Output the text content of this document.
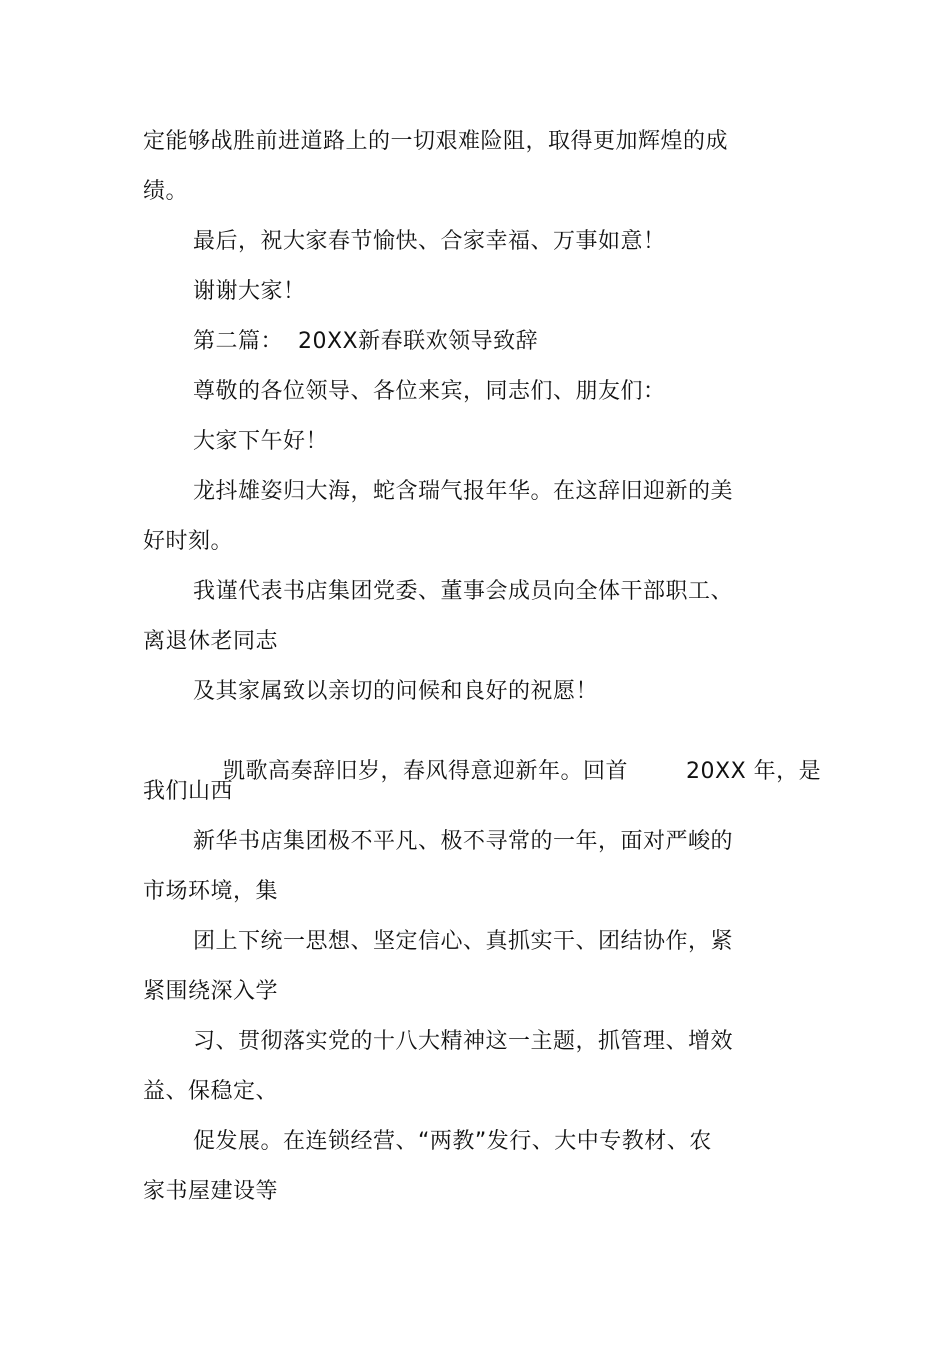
定能够战胜前进道路上的一切艰难险阻，取得更加辉煌的成
绩。
最后，祝大家春节愉快、合家幸福、万事如意！
谢谢大家！
第二篇：  20XX新春联欢领导致辞
尊敬的各位领导、各位来宾，同志们、朋友们：
大家下午好！
龙抖雄姿归大海，蛇含瑞气报年华。在这辞旧迎新的美
好时刻。
我谨代表书店集团党委、董事会成员向全体干部职工、
离退休老同志
及其家属致以亲切的问候和良好的祝愿！

凯歌高奏辞旧岁，春风得意迎新年。回首	20XX 年，是

我们山西
新华书店集团极不平凡、极不寻常的一年，面对严峻的
市场环境，集
团上下统一思想、坚定信心、真抓实干、团结协作，紧
紧围绕深入学
习、贯彻落实党的十八大精神这一主题，抓管理、增效
益、保稳定、
促发展。在连锁经营、“两教”发行、大中专教材、农
家书屋建设等
